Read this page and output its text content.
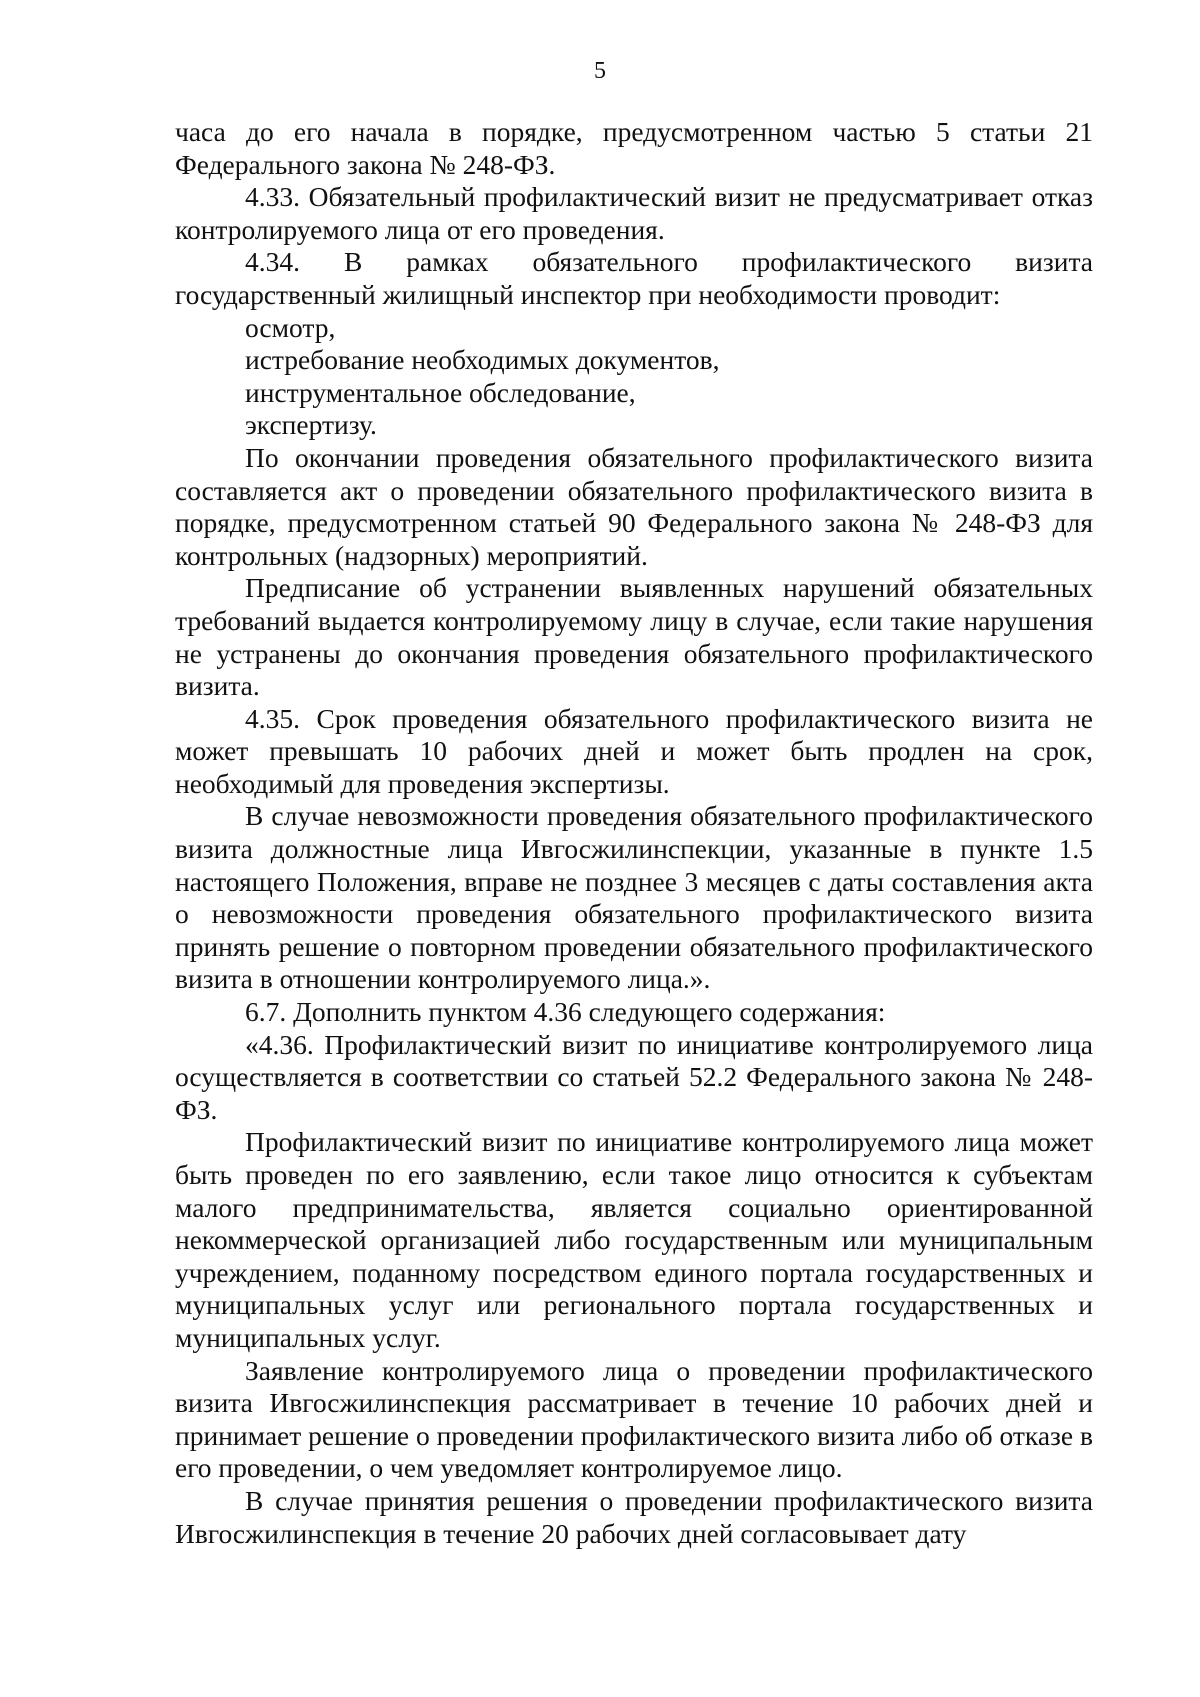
5

часа до его начала в порядке, предусмотренном частью 5 статьи 21 Федерального закона № 248-ФЗ.

4.33. Обязательный профилактический визит не предусматривает отказ контролируемого лица от его проведения.

4.34. В рамках обязательного профилактического визита государственный жилищный инспектор при необходимости проводит:

осмотр,

истребование необходимых документов,

инструментальное обследование,

экспертизу.

По окончании проведения обязательного профилактического визита составляется акт о проведении обязательного профилактического визита в порядке, предусмотренном статьей 90 Федерального закона № 248-ФЗ для контрольных (надзорных) мероприятий.

Предписание об устранении выявленных нарушений обязательных требований выдается контролируемому лицу в случае, если такие нарушения не устранены до окончания проведения обязательного профилактического визита.

4.35. Срок проведения обязательного профилактического визита не может превышать 10 рабочих дней и может быть продлен на срок, необходимый для проведения экспертизы.

В случае невозможности проведения обязательного профилактического визита должностные лица Ивгосжилинспекции, указанные в пункте 1.5 настоящего Положения, вправе не позднее 3 месяцев с даты составления акта о невозможности проведения обязательного профилактического визита принять решение о повторном проведении обязательного профилактического визита в отношении контролируемого лица.».

6.7. Дополнить пунктом 4.36 следующего содержания:

«4.36. Профилактический визит по инициативе контролируемого лица осуществляется в соответствии со статьей 52.2 Федерального закона № 248-ФЗ.

Профилактический визит по инициативе контролируемого лица может быть проведен по его заявлению, если такое лицо относится к субъектам малого предпринимательства, является социально ориентированной некоммерческой организацией либо государственным или муниципальным учреждением, поданному посредством единого портала государственных и муниципальных услуг или регионального портала государственных и муниципальных услуг.

Заявление контролируемого лица о проведении профилактического визита Ивгосжилинспекция рассматривает в течение 10 рабочих дней и принимает решение о проведении профилактического визита либо об отказе в его проведении, о чем уведомляет контролируемое лицо.

В случае принятия решения о проведении профилактического визита Ивгосжилинспекция в течение 20 рабочих дней согласовывает дату
